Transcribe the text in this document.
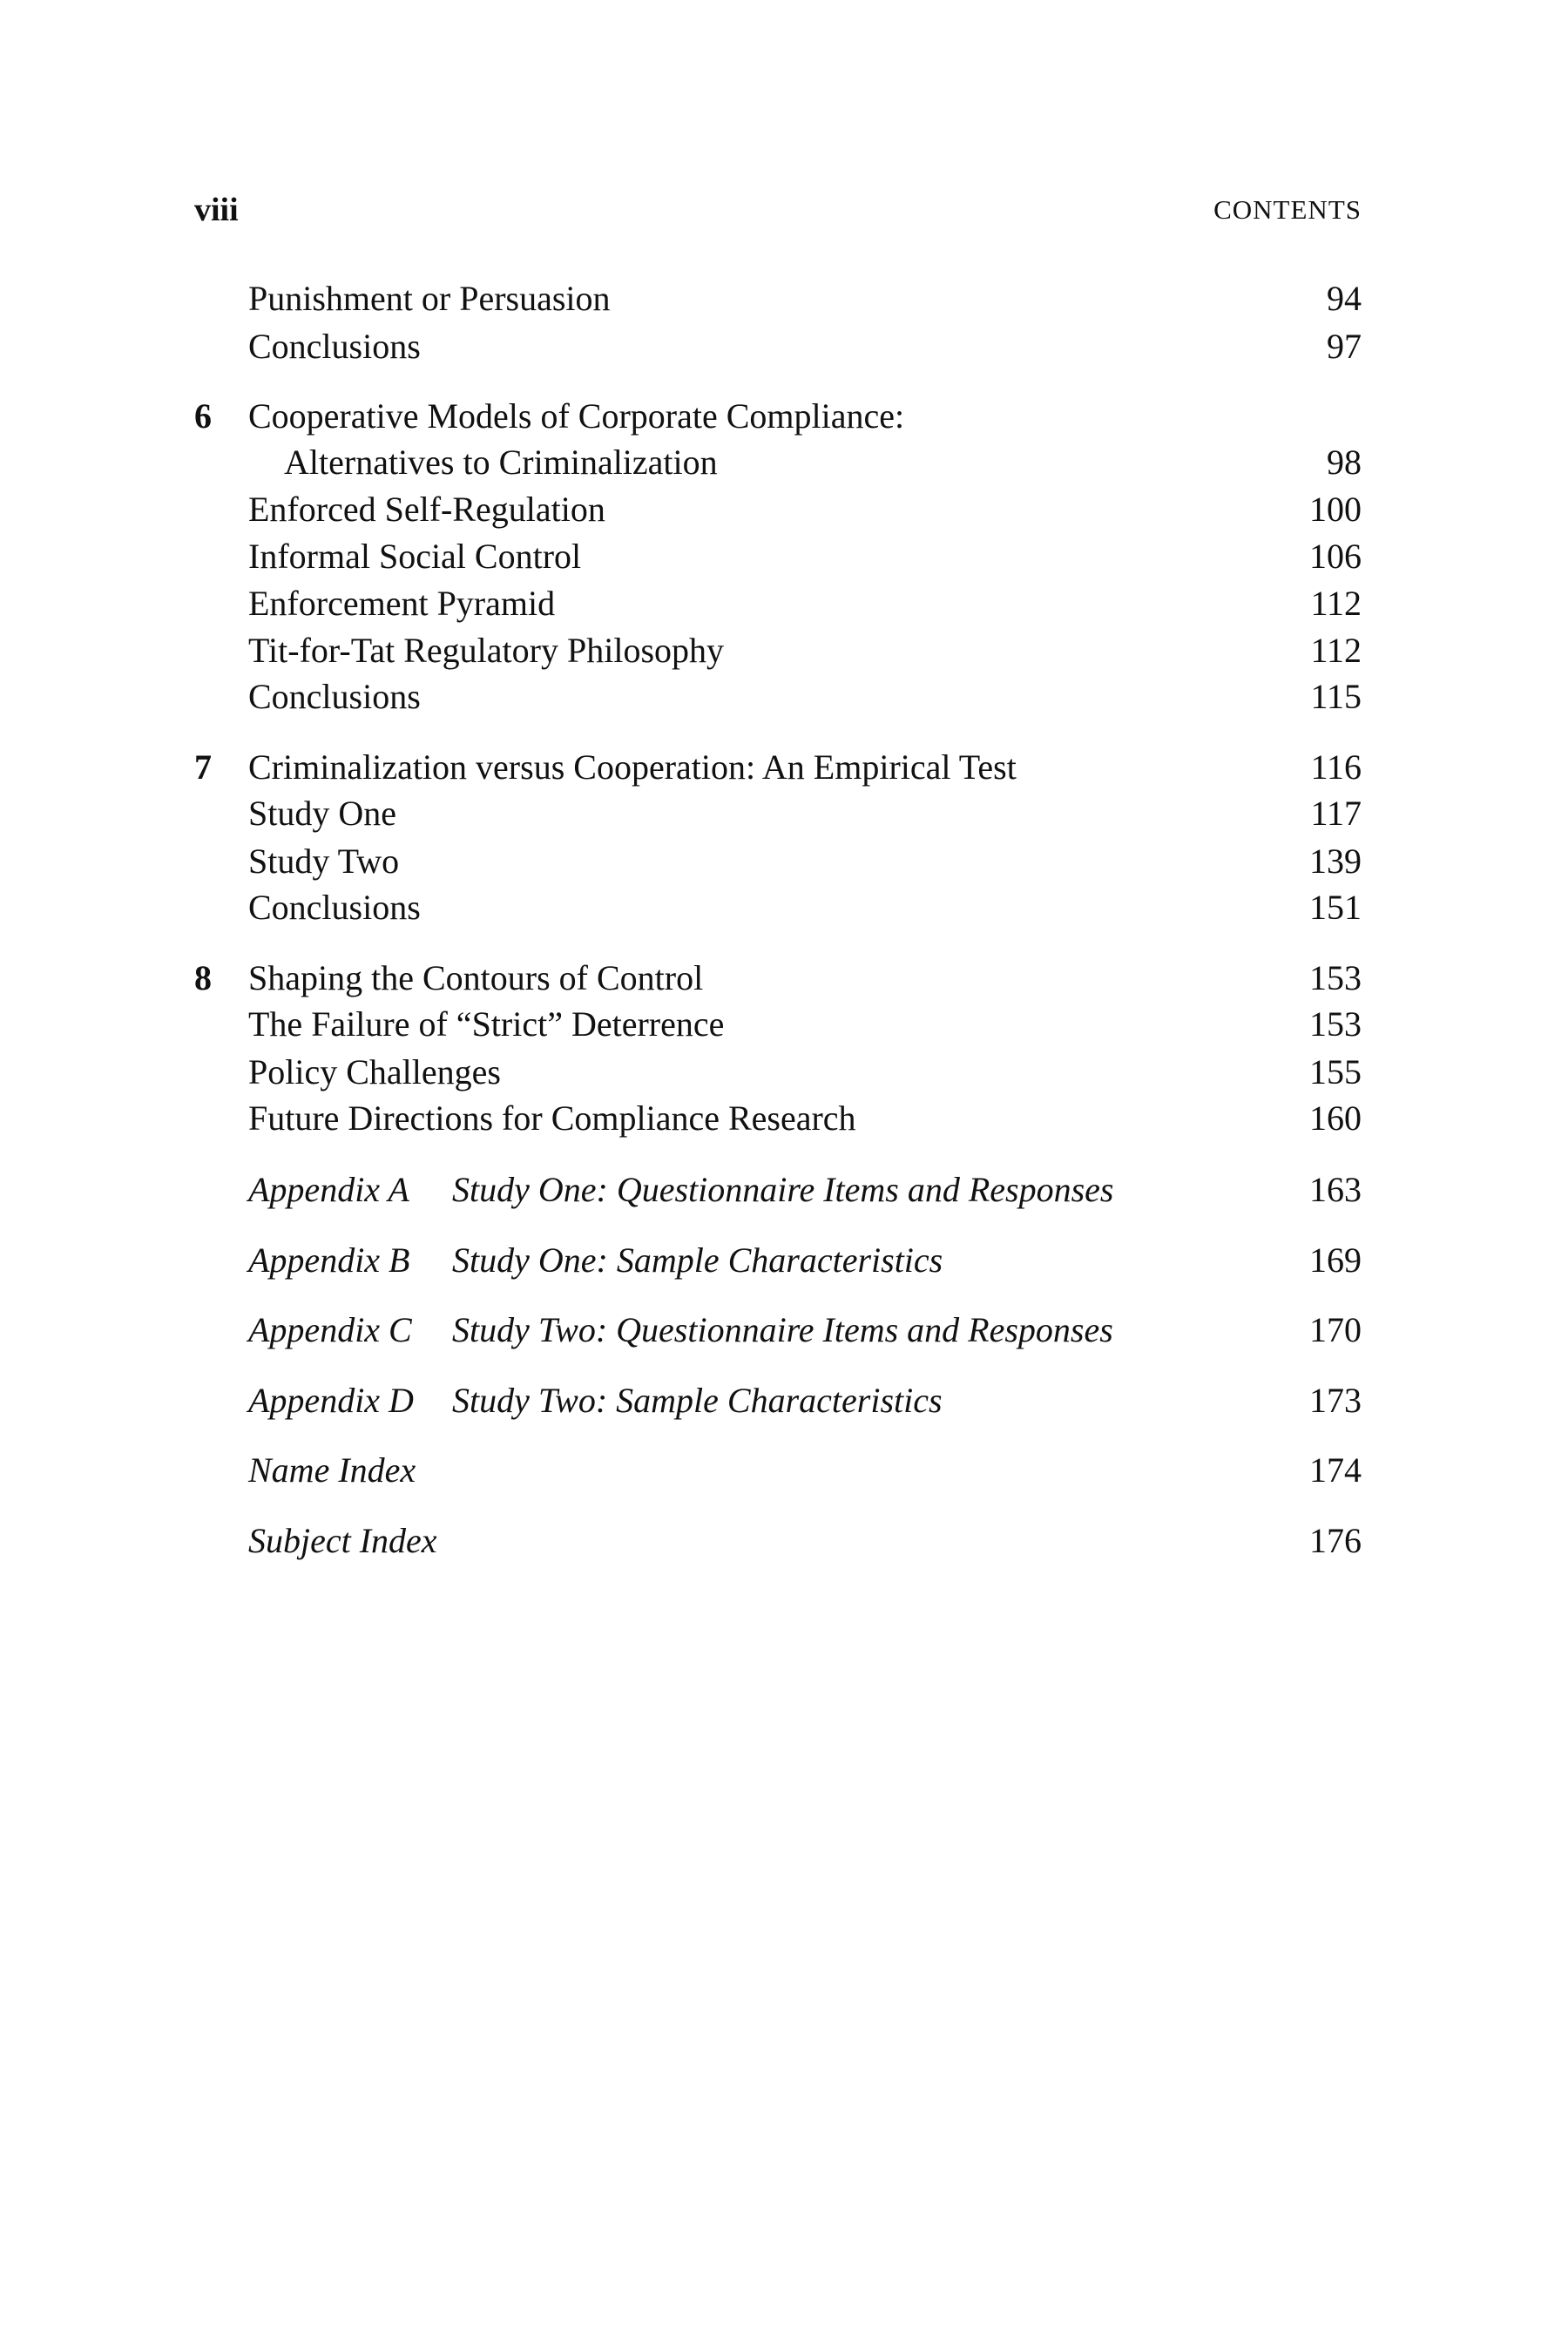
viii	CONTENTS
Punishment or Persuasion	94
Conclusions	97
6 Cooperative Models of Corporate Compliance:
Alternatives to Criminalization	98
Enforced Self-Regulation	100
Informal Social Control	106
Enforcement Pyramid	112
Tit-for-Tat Regulatory Philosophy	112
Conclusions	115
7 Criminalization versus Cooperation: An Empirical Test	116
Study One	117
Study Two	139
Conclusions	151
8 Shaping the Contours of Control	153
The Failure of “Strict” Deterrence	153
Policy Challenges	155
Future Directions for Compliance Research	160
Appendix A Study One: Questionnaire Items and Responses	163
Appendix B Study One: Sample Characteristics	169
Appendix C Study Two: Questionnaire Items and Responses	170
Appendix D Study Two: Sample Characteristics	173
Name Index	174
Subject Index	176
